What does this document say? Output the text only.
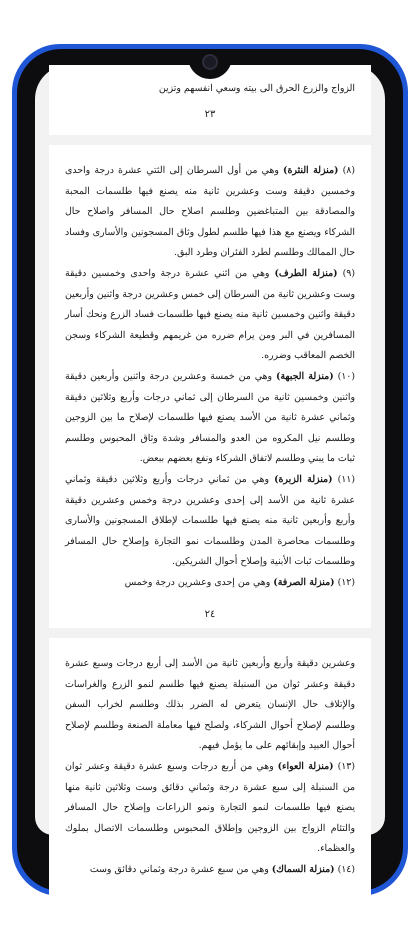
الزواج والزرع الحرق الى بيته وسعي انفسهم وتزين
٢٣

(٨) (منزلة النثرة) وهي من أول السرطان إلى الثتي عشرة درجة واحدى وخمسين دقيقة وست وعشرين ثانية منه يصنع فيها طلسمات المحبة والمصادقة بين المتباغضين وطلسم اصلاح حال المسافر واصلاح حال الشركاء ويصنع مع هذا فيها طلسم لطول وثاق المسجونين والأسارى وفساد حال الممالك وطلسم لطرد الفئران وطرد البق.

(٩) (منزلة الطرف) وهي من اثني عشرة درجة واحدى وخمسين دقيقة وست وعشرين ثانية من السرطان إلى خمس وعشرين درجة واثنين وأربعين دقيقة واثنين وخمسين ثانية منه يصنع فيها طلسمات فساد الزرع ونحك أسار المسافرين في البر ومن يرام ضرره من غريمهم وقطيعة الشركاء وسجن الخصم المعاقب وضرره.

(١٠) (منزلة الجبهة) وهي من خمسة وعشرين درجة واثنين وأربعين دقيقة واثنين وخمسين ثانية من السرطان إلى ثماني درجات وأربع وثلاثين دقيقة وثماني عشرة ثانية من الأسد يصنع فيها طلسمات لإصلاح ما بين الزوجين وطلسم نيل المكروه من العدو والمسافر وشدة وثاق المحبوس وطلسم ثبات ما يبني وطلسم لاتفاق الشركاء ونفع بعضهم ببعض.

(١١) (منزلة الزبرة) وهي من ثماني درجات وأربع وثلاثين دقيقة وثماني عشرة ثانية من الأسد إلى إحدى وعشرين درجة وخمس وعشرين دقيقة وأربع وأربعين ثانية منه يصنع فيها طلسمات لإطلاق المسجونين والأسارى وطلسمات محاصرة المدن وطلسمات نمو التجارة وإصلاح حال المسافر وطلسمات ثبات الأبنية وإصلاح أحوال الشريكين.

(١٢) (منزلة الصرفة) وهي من إحدى وعشرين درجة وخمس

٢٤

وعشرين دقيقة وأربع وأربعين ثانية من الأسد إلى أربع درجات وسبع عشرة دقيقة وعشر ثوان من السنبلة يصنع فيها طلسم لنمو الزرع والغراسات والإتلاف حال الإنسان يتعرض له الضرر بذلك وطلسم لخراب السفن وطلسم لإصلاح أحوال الشركاء، ولصلح فيها معاملة الصنعة وطلسم لإصلاح أحوال العبيد وإبقائهم على ما يؤمل فيهم.

(١٣) (منزلة العواء) وهي من أربع درجات وسبع عشرة دقيقة وعشر ثوان من السنبلة إلى سبع عشرة درجة وثماني دقائق وست وثلاثين ثانية منها يصنع فيها طلسمات لنمو التجارة ونمو الزراعات وإصلاح حال المسافر والتئام الزواج بين الزوجين وإطلاق المحبوس وطلسمات الاتصال بملوك والعظماء.

(١٤) (منزلة السماك) وهي من سبع عشرة درجة وثماني دقائق وست
